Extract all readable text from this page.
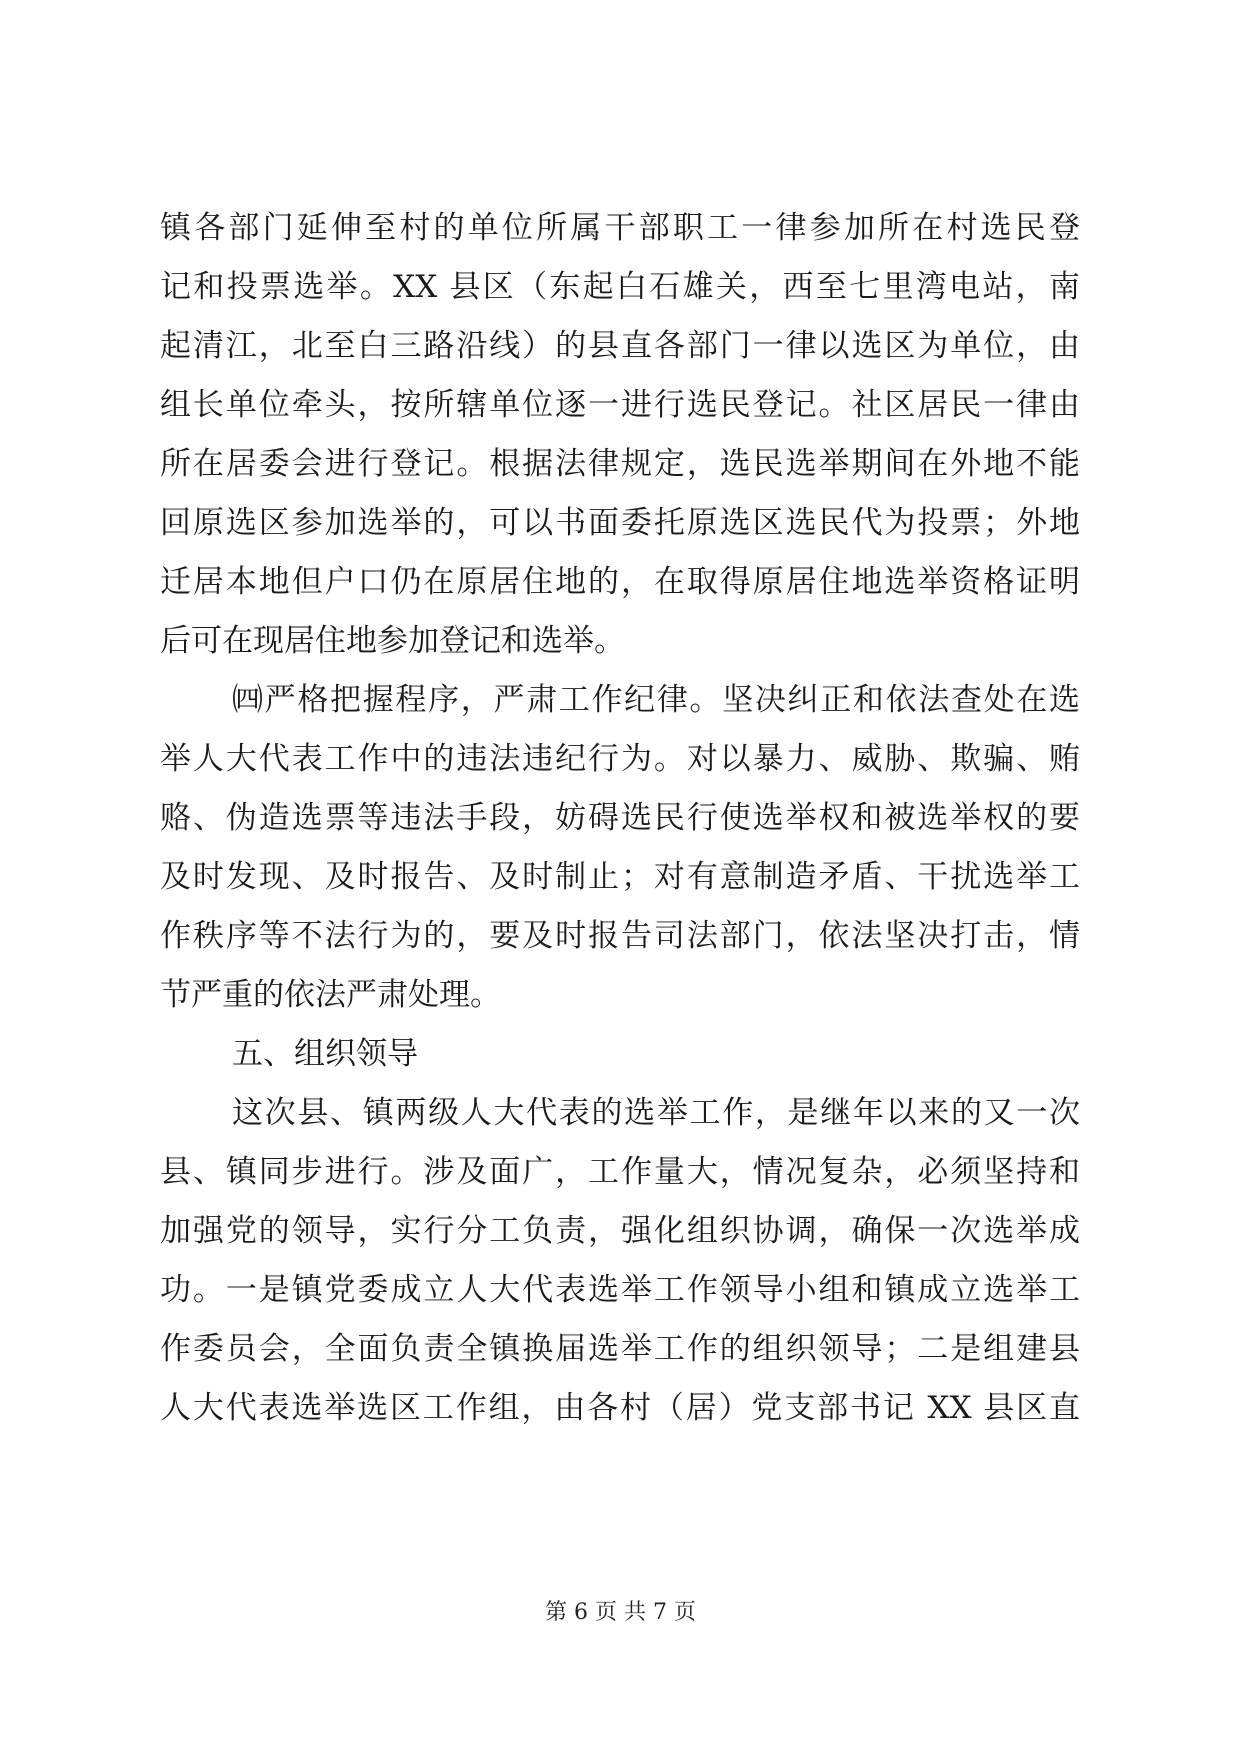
镇各部门延伸至村的单位所属干部职工一律参加所在村选民登
记和投票选举。XX 县区（东起白石雄关，西至七里湾电站，南
起清江，北至白三路沿线）的县直各部门一律以选区为单位，由
组长单位牵头，按所辖单位逐一进行选民登记。社区居民一律由
所在居委会进行登记。根据法律规定，选民选举期间在外地不能
回原选区参加选举的，可以书面委托原选区选民代为投票；外地
迁居本地但户口仍在原居住地的，在取得原居住地选举资格证明
后可在现居住地参加登记和选举。
㈣严格把握程序，严肃工作纪律。坚决纠正和依法查处在选
举人大代表工作中的违法违纪行为。对以暴力、威胁、欺骗、贿
赂、伪造选票等违法手段，妨碍选民行使选举权和被选举权的要
及时发现、及时报告、及时制止；对有意制造矛盾、干扰选举工
作秩序等不法行为的，要及时报告司法部门，依法坚决打击，情
节严重的依法严肃处理。
五、组织领导
这次县、镇两级人大代表的选举工作，是继年以来的又一次
县、镇同步进行。涉及面广，工作量大，情况复杂，必须坚持和
加强党的领导，实行分工负责，强化组织协调，确保一次选举成
功。一是镇党委成立人大代表选举工作领导小组和镇成立选举工
作委员会，全面负责全镇换届选举工作的组织领导；二是组建县
人大代表选举选区工作组，由各村（居）党支部书记 XX 县区直
第 6 页 共 7 页
